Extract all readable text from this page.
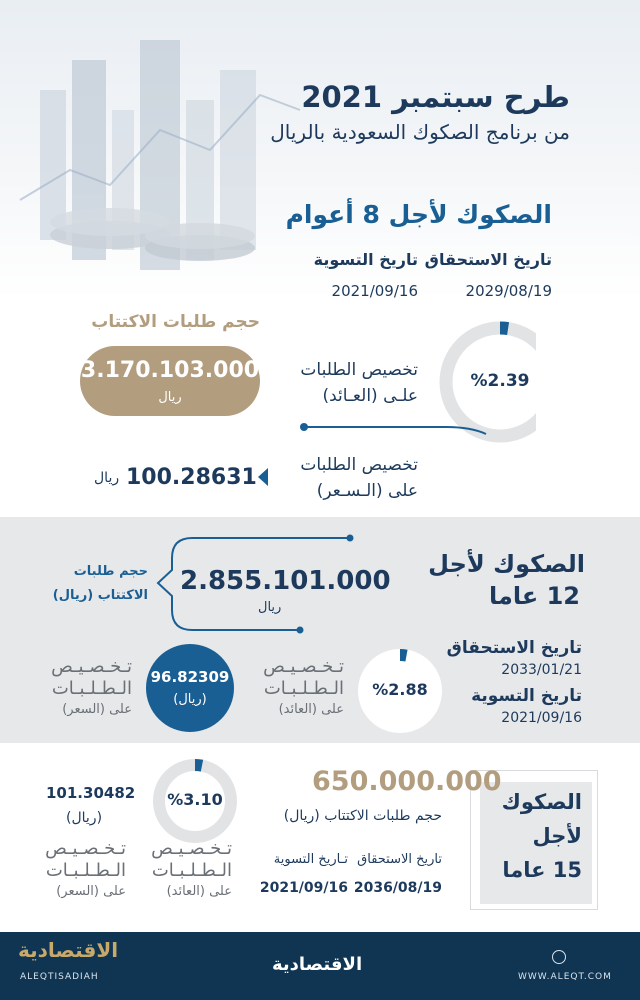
طرح سبتمبر 2021
من برنامج الصكوك السعودية بالريال
الصكوك لأجل 8 أعوام
تاريخ الاستحقاق
2029/08/19
تاريخ التسوية
2021/09/16
حجم طلبات الاكتتاب
3.170.103.000
ريال
تخصيص الطلبات
علـى (العـائد)
%2.39
تخصيص الطلبات
على (الـسـعر)
100.28631
ريال
الصكوك لأجل
12 عاما
حجم طلبات
الاكتتاب (ريال) 2.855.101.000
ريال
تاريخ الاستحقاق
2033/01/21
تاريخ التسوية
2021/09/16
%2.88
تـخـصـيـص
الـطـلـبـات
على (العائد)
96.82309
(ريال)
تـخـصـيـص
الـطـلـبـات
على (السعر)
الصكوك
لأجل
15 عاما
650.000.000
حجم طلبات الاكتتاب (ريال)
تاريخ الاستحقاق
2036/08/19
تـاريخ التسوية
2021/09/16
%3.10
تـخـصـيـص
الـطـلـبـات
على (العائد)
101.30482
(ريال)
تـخـصـيـص
الـطـلـبـات
على (السعر)
الاقتصادية
ALEQTISADIAH
الاقتصادية
WWW.ALEQT.COM
